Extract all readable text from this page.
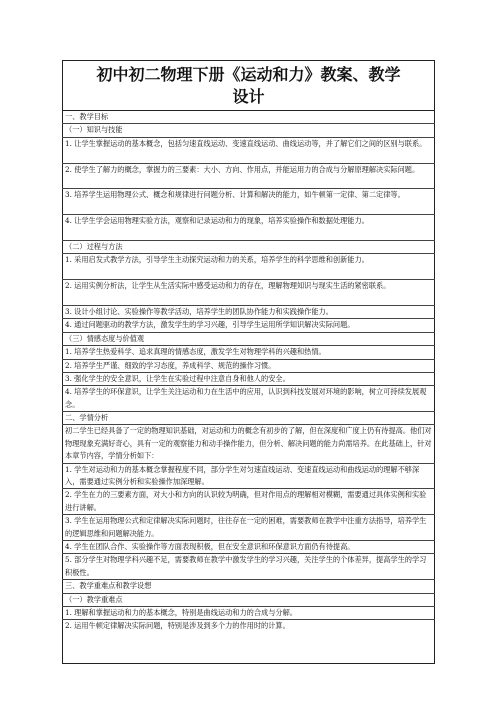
初中初二物理下册《运动和力》教案、教学
设计
一、教学目标
（一）知识与技能
1. 让学生掌握运动的基本概念，包括匀速直线运动、变速直线运动、曲线运动等，并了解它们之间的区别与联系。
2. 使学生了解力的概念，掌握力的三要素：大小、方向、作用点，并能运用力的合成与分解原理解决实际问题。
3. 培养学生运用物理公式、概念和规律进行问题分析、计算和解决的能力，如牛顿第一定律、第二定律等。
4. 让学生学会运用物理实验方法，观察和记录运动和力的现象，培养实验操作和数据处理能力。
（二）过程与方法
1. 采用启发式教学方法，引导学生主动探究运动和力的关系，培养学生的科学思维和创新能力。
2. 运用实例分析法，让学生从生活实际中感受运动和力的存在，理解物理知识与现实生活的紧密联系。
3. 设计小组讨论、实验操作等教学活动，培养学生的团队协作能力和实践操作能力。
4. 通过问题驱动的教学方法，激发学生的学习兴趣，引导学生运用所学知识解决实际问题。
（三）情感态度与价值观
1. 培养学生热爱科学、追求真理的情感态度，激发学生对物理学科的兴趣和热情。
2. 培养学生严谨、细致的学习态度，养成科学、规范的操作习惯。
3. 强化学生的安全意识，让学生在实验过程中注意自身和他人的安全。
4. 培养学生的环保意识，让学生关注运动和力在生活中的应用，认识到科技发展对环境的影响，树立可持续发展观念。
二、学情分析
初二学生已经具备了一定的物理知识基础，对运动和力的概念有初步的了解，但在深度和广度上仍有待提高。他们对物理现象充满好奇心，具有一定的观察能力和动手操作能力，但分析、解决问题的能力尚需培养。在此基础上，针对本章节内容，学情分析如下：
1. 学生对运动和力的基本概念掌握程度不同，部分学生对匀速直线运动、变速直线运动和曲线运动的理解不够深入，需要通过实例分析和实验操作加深理解。
2. 学生在力的三要素方面，对大小和方向的认识较为明确，但对作用点的理解相对模糊，需要通过具体实例和实验进行讲解。
3. 学生在运用物理公式和定律解决实际问题时，往往存在一定的困难，需要教师在教学中注重方法指导，培养学生的逻辑思维和问题解决能力。
4. 学生在团队合作、实验操作等方面表现积极，但在安全意识和环保意识方面仍有待提高。
5. 部分学生对物理学科兴趣不足，需要教师在教学中激发学生的学习兴趣，关注学生的个体差异，提高学生的学习积极性。
三、教学重难点和教学设想
（一）教学重难点
1. 理解和掌握运动和力的基本概念，特别是曲线运动和力的合成与分解。
2. 运用牛顿定律解决实际问题，特别是涉及到多个力的作用时的计算。
